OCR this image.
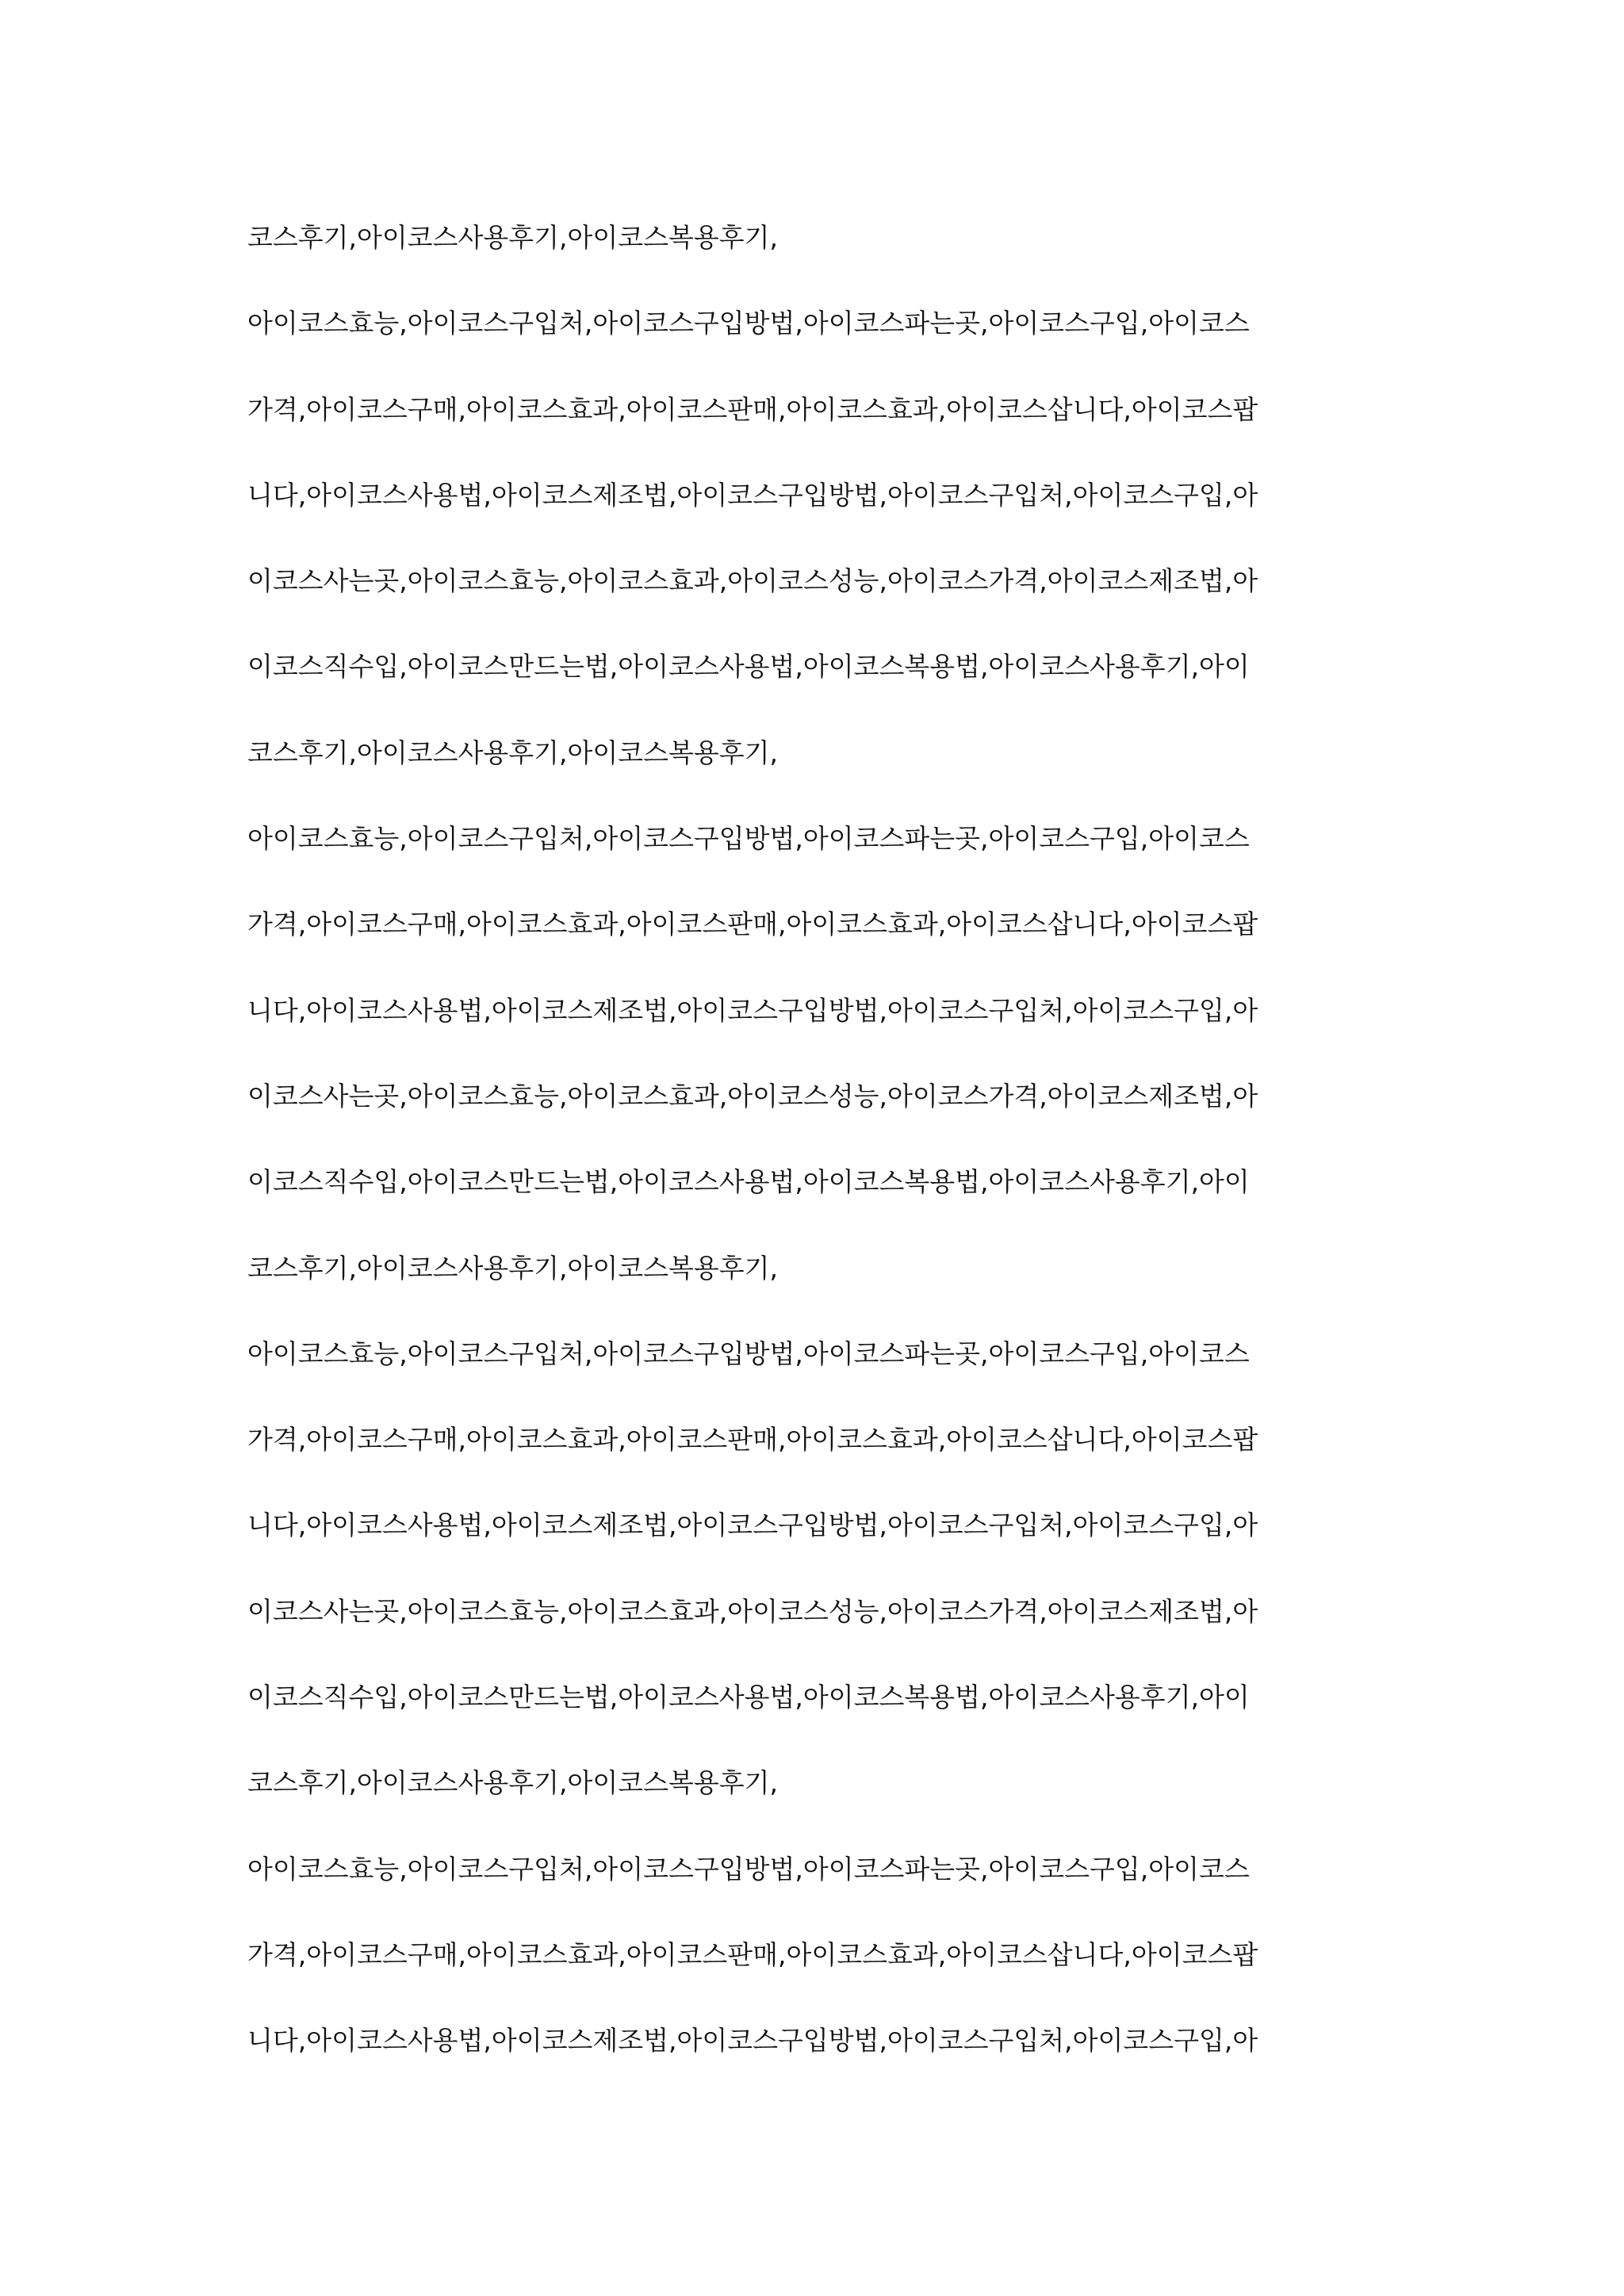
코스후기,아이코스사용후기,아이코스복용후기,
아이코스효능,아이코스구입처,아이코스구입방법,아이코스파는곳,아이코스구입,아이코스
가격,아이코스구매,아이코스효과,아이코스판매,아이코스효과,아이코스삽니다,아이코스팝
니다,아이코스사용법,아이코스제조법,아이코스구입방법,아이코스구입처,아이코스구입,아
이코스사는곳,아이코스효능,아이코스효과,아이코스성능,아이코스가격,아이코스제조법,아
이코스직수입,아이코스만드는법,아이코스사용법,아이코스복용법,아이코스사용후기,아이
코스후기,아이코스사용후기,아이코스복용후기,
아이코스효능,아이코스구입처,아이코스구입방법,아이코스파는곳,아이코스구입,아이코스
가격,아이코스구매,아이코스효과,아이코스판매,아이코스효과,아이코스삽니다,아이코스팝
니다,아이코스사용법,아이코스제조법,아이코스구입방법,아이코스구입처,아이코스구입,아
이코스사는곳,아이코스효능,아이코스효과,아이코스성능,아이코스가격,아이코스제조법,아
이코스직수입,아이코스만드는법,아이코스사용법,아이코스복용법,아이코스사용후기,아이
코스후기,아이코스사용후기,아이코스복용후기,
아이코스효능,아이코스구입처,아이코스구입방법,아이코스파는곳,아이코스구입,아이코스
가격,아이코스구매,아이코스효과,아이코스판매,아이코스효과,아이코스삽니다,아이코스팝
니다,아이코스사용법,아이코스제조법,아이코스구입방법,아이코스구입처,아이코스구입,아
이코스사는곳,아이코스효능,아이코스효과,아이코스성능,아이코스가격,아이코스제조법,아
이코스직수입,아이코스만드는법,아이코스사용법,아이코스복용법,아이코스사용후기,아이
코스후기,아이코스사용후기,아이코스복용후기,
아이코스효능,아이코스구입처,아이코스구입방법,아이코스파는곳,아이코스구입,아이코스
가격,아이코스구매,아이코스효과,아이코스판매,아이코스효과,아이코스삽니다,아이코스팝
니다,아이코스사용법,아이코스제조법,아이코스구입방법,아이코스구입처,아이코스구입,아
